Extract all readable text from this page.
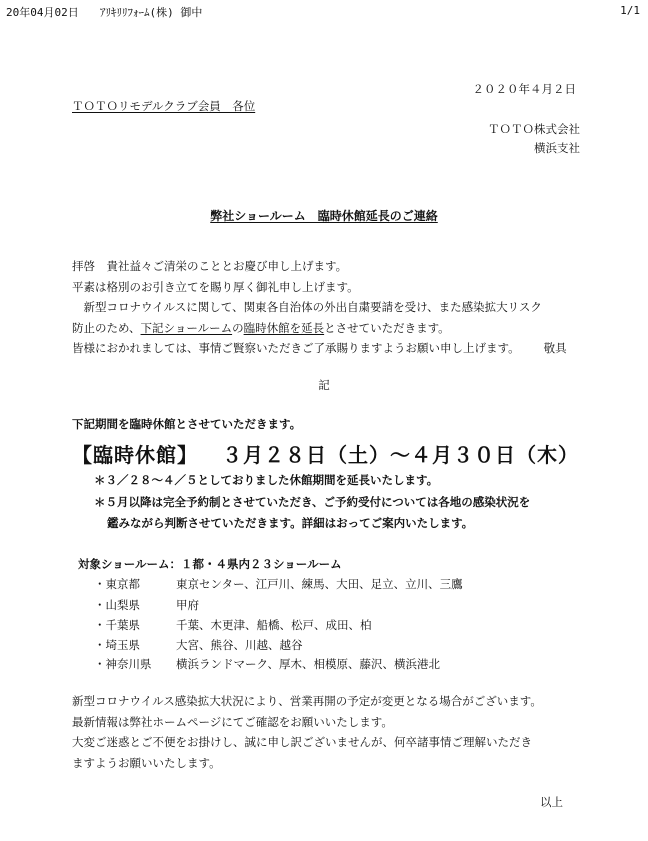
20年04月02日 ｱﾘｷﾘﾘﾌｫｰﾑ(株) 御中	1/1
２０２０年４月２日
ＴＯＴＯリモデルクラブ会員　各位
ＴＯＴＯ株式会社
横浜支社
弊社ショールーム　臨時休館延長のご連絡
拝啓　貴社益々ご清栄のこととお慶び申し上げます。
平素は格別のお引き立てを賜り厚く御礼申し上げます。
　新型コロナウイルスに関して、関東各自治体の外出自粛要請を受け、また感染拡大リスク
防止のため、下記ショールームの臨時休館を延長とさせていただきます。
皆様におかれましては、事情ご賢察いただきご了承賜りますようお願い申し上げます。 敬具
記
下記期間を臨時休館とさせていただきます。
【臨時休館】 ３月２８日（土）～４月３０日（木）
＊３／２８～４／５としておりました休館期間を延長いたします。
＊５月以降は完全予約制とさせていただき、ご予約受付については各地の感染状況を
鑑みながら判断させていただきます。詳細はおってご案内いたします。
対象ショールーム：１都・４県内２３ショールーム
・東京都	東京センター、江戸川、練馬、大田、足立、立川、三鷹
・山梨県	甲府
・千葉県	千葉、木更津、船橋、松戸、成田、柏
・埼玉県	大宮、熊谷、川越、越谷
・神奈川県 横浜ランドマーク、厚木、相模原、藤沢、横浜港北
新型コロナウイルス感染拡大状況により、営業再開の予定が変更となる場合がございます。
最新情報は弊社ホームページにてご確認をお願いいたします。
大変ご迷惑とご不便をお掛けし、誠に申し訳ございませんが、何卒諸事情ご理解いただき
ますようお願いいたします。
以上
